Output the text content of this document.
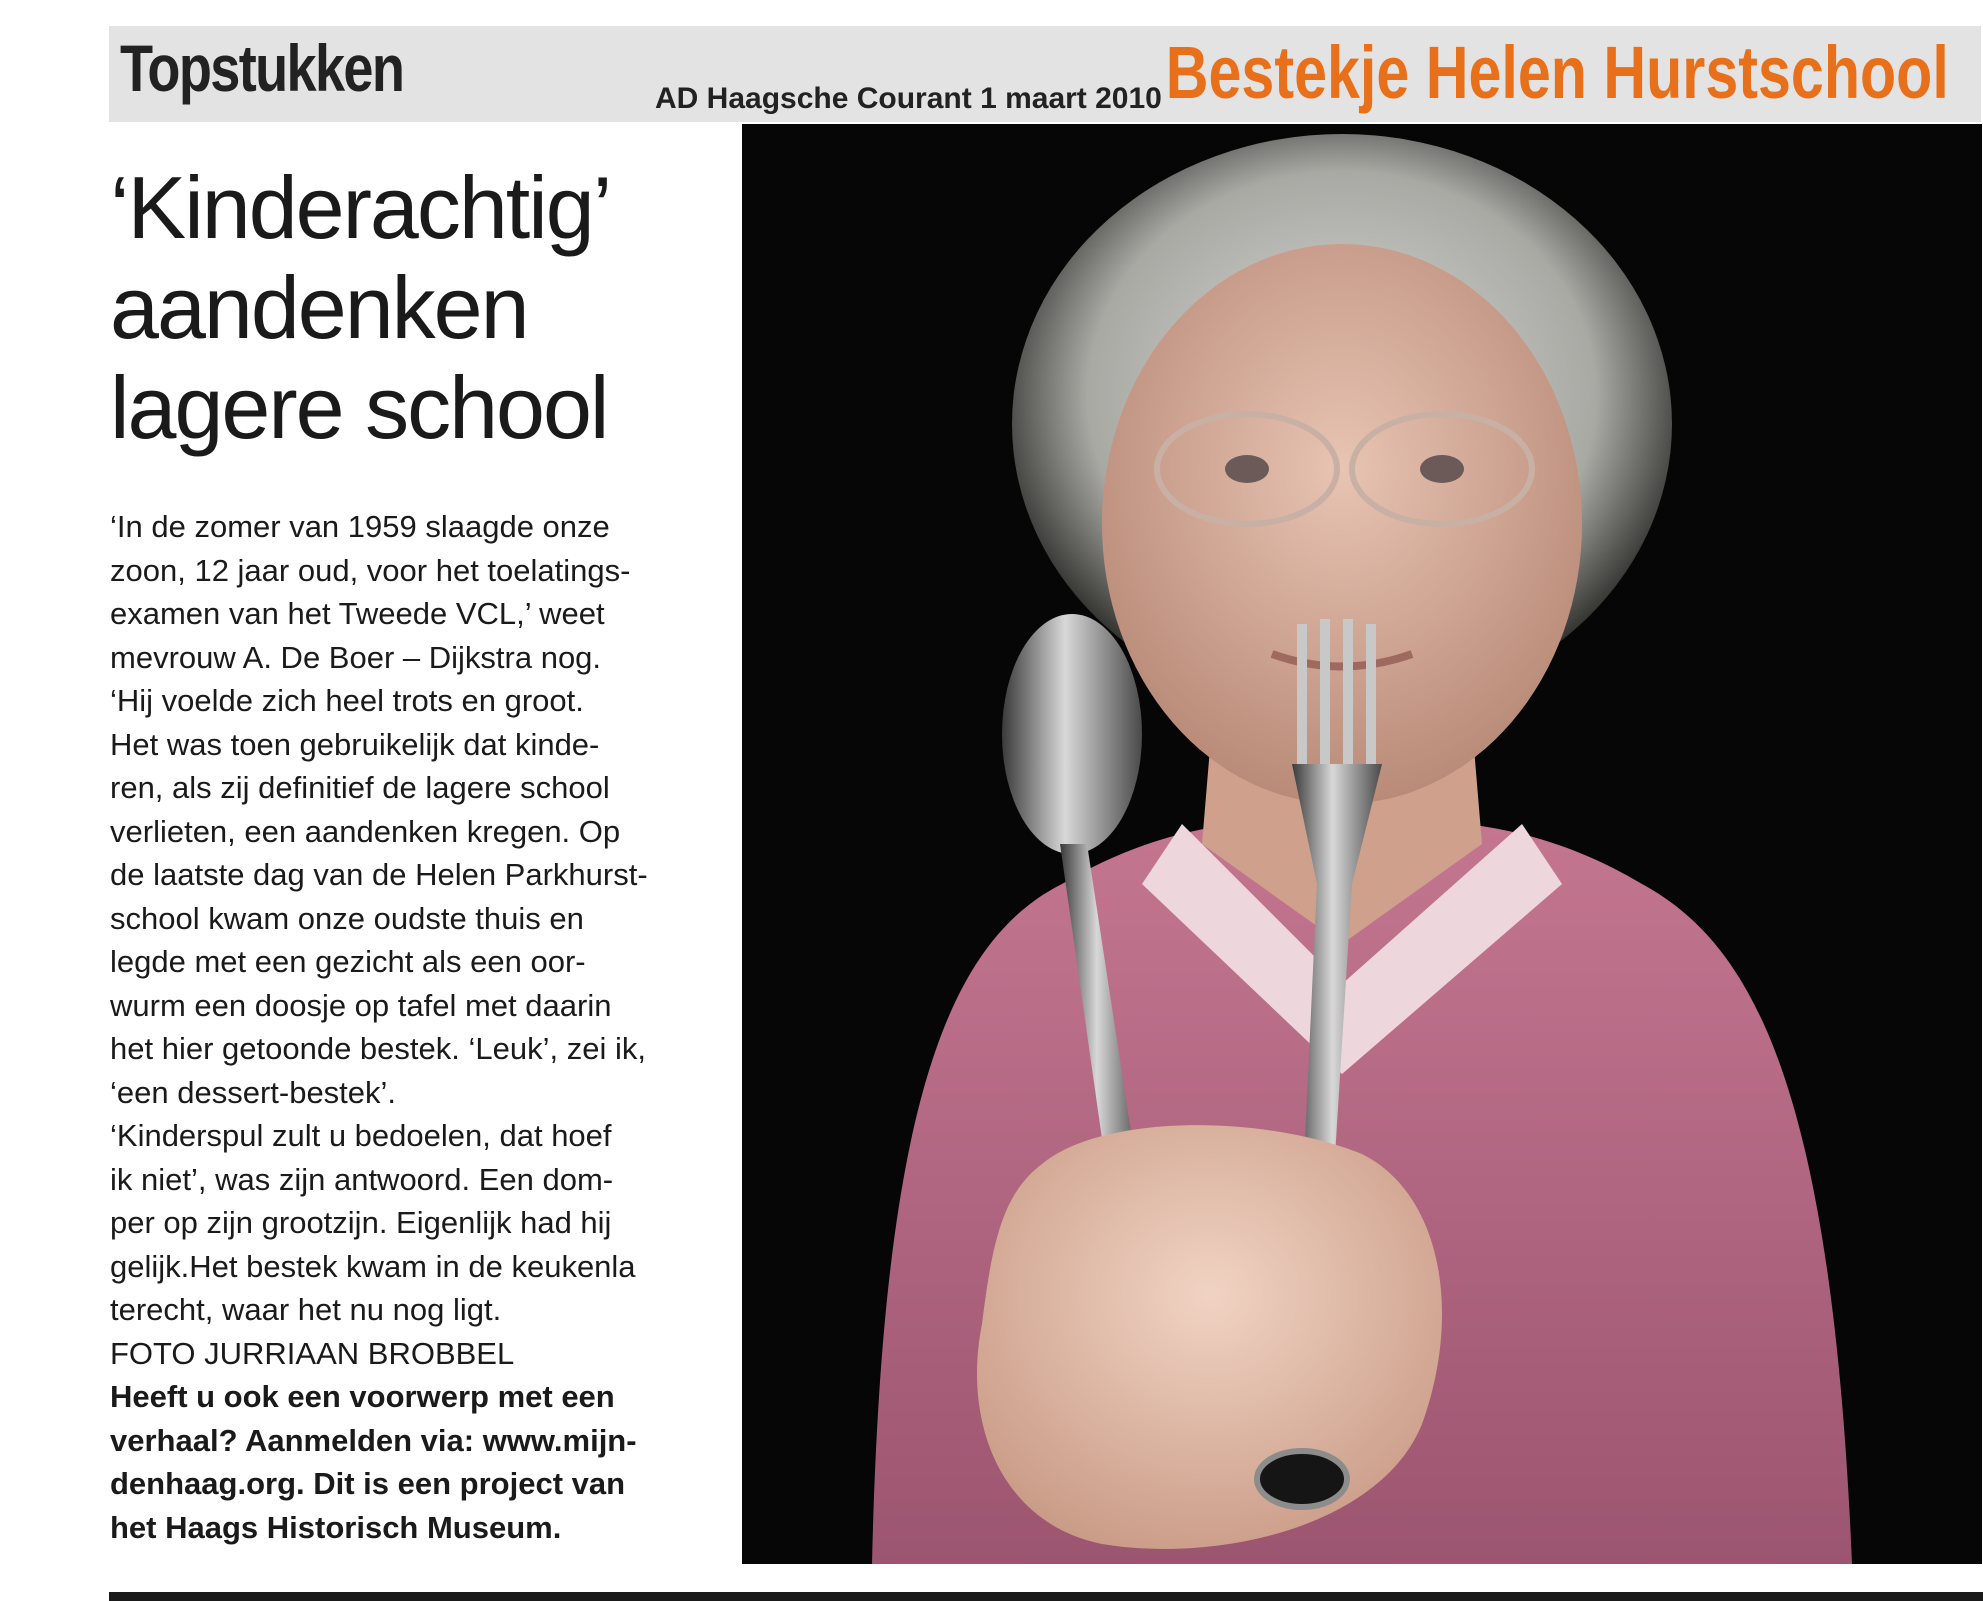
Topstukken	AD Haagsche Courant 1 maart 2010 Bestekje Helen Hurstschool
‘Kinderachtig’
aandenken
lagere school
‘In de zomer van 1959 slaagde onze
zoon, 12 jaar oud, voor het toelatings-
examen van het Tweede VCL,’ weet
mevrouw A. De Boer – Dijkstra nog.
‘Hij voelde zich heel trots en groot.
Het was toen gebruikelijk dat kinde-
ren, als zij definitief de lagere school
verlieten, een aandenken kregen. Op
de laatste dag van de Helen Parkhurst-
school kwam onze oudste thuis en
legde met een gezicht als een oor-
wurm een doosje op tafel met daarin
het hier getoonde bestek. ‘Leuk’, zei ik,
‘een dessert-bestek’.
‘Kinderspul zult u bedoelen, dat hoef
ik niet’, was zijn antwoord. Een dom-
per op zijn grootzijn. Eigenlijk had hij
gelijk.Het bestek kwam in de keukenla
terecht, waar het nu nog ligt.
FOTO JURRIAAN BROBBEL
Heeft u ook een voorwerp met een
verhaal? Aanmelden via: www.mijn-
denhaag.org. Dit is een project van
het Haags Historisch Museum.
